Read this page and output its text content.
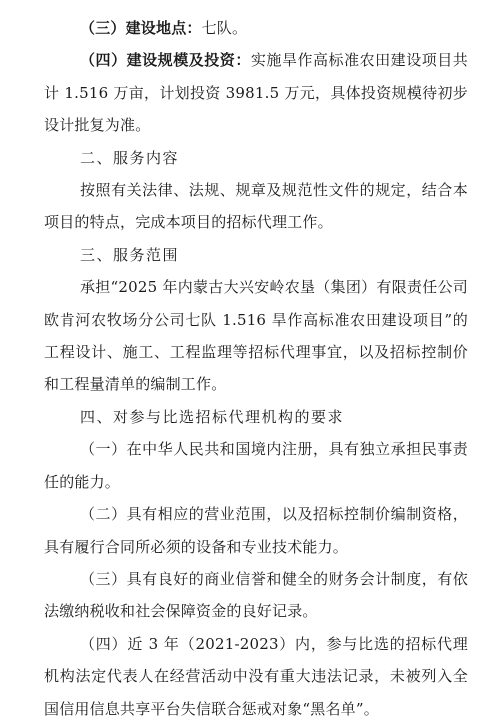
（三）建设地点：七队。

（四）建设规模及投资：实施旱作高标准农田建设项目共计 1.516 万亩，计划投资 3981.5 万元，具体投资规模待初步设计批复为准。

二、服务内容

按照有关法律、法规、规章及规范性文件的规定，结合本项目的特点，完成本项目的招标代理工作。

三、服务范围

承担“2025 年内蒙古大兴安岭农垦（集团）有限责任公司欧肯河农牧场分公司七队 1.516 旱作高标准农田建设项目”的工程设计、施工、工程监理等招标代理事宜，以及招标控制价和工程量清单的编制工作。

四、对参与比选招标代理机构的要求

（一）在中华人民共和国境内注册，具有独立承担民事责任的能力。

（二）具有相应的营业范围，以及招标控制价编制资格，具有履行合同所必须的设备和专业技术能力。

（三）具有良好的商业信誉和健全的财务会计制度，有依法缴纳税收和社会保障资金的良好记录。

（四）近 3 年（2021-2023）内，参与比选的招标代理机构法定代表人在经营活动中没有重大违法记录，未被列入全国信用信息共享平台失信联合惩戒对象“黑名单”。
